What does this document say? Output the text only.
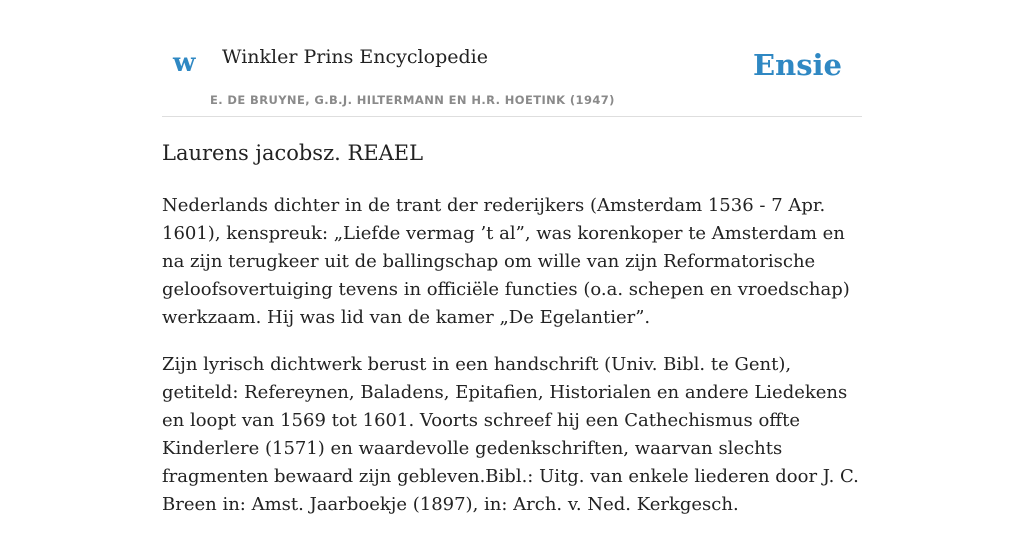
w Winkler Prins Encyclopedie
E. DE BRUYNE, G.B.J. HILTERMANN EN H.R. HOETINK (1947)
Ensie
Laurens jacobsz. REAEL

Nederlands dichter in de trant der rederijkers (Amsterdam 1536 - 7 Apr. 1601), kenspreuk: „Liefde vermag ’t al”, was korenkoper te Amsterdam en na zijn terugkeer uit de ballingschap om wille van zijn Reformatorische geloofsovertuiging tevens in officiële functies (o.a. schepen en vroedschap) werkzaam. Hij was lid van de kamer „De Egelantier”.

Zijn lyrisch dichtwerk berust in een handschrift (Univ. Bibl. te Gent), getiteld: Refereynen, Baladens, Epitafien, Historialen en andere Liedekens en loopt van 1569 tot 1601. Voorts schreef hij een Cathechismus offte Kinderlere (1571) en waardevolle gedenkschriften, waarvan slechts fragmenten bewaard zijn gebleven.Bibl.: Uitg. van enkele liederen door J. C. Breen in: Amst. Jaarboekje (1897), in: Arch. v. Ned. Kerkgesch.
